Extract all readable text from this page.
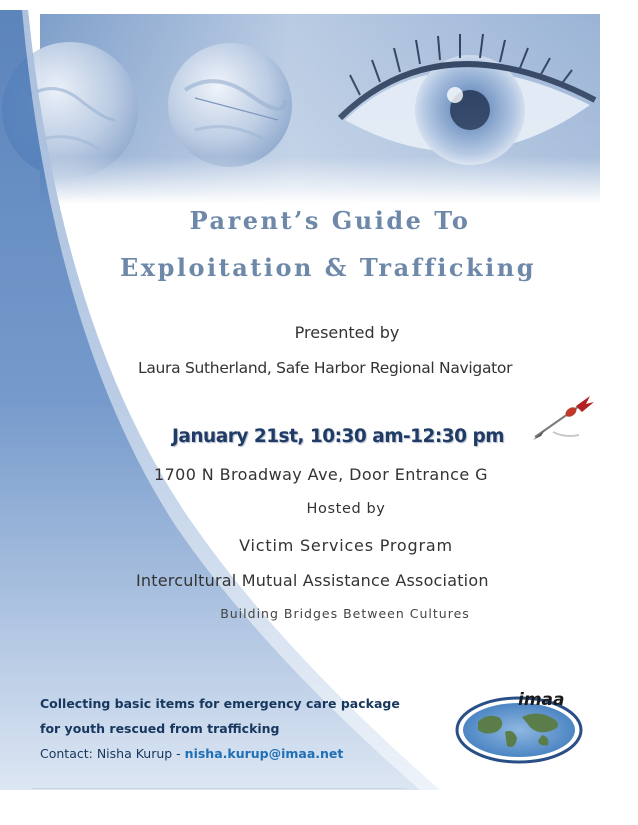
Parent’s Guide To
Exploitation & Trafficking
Presented by
Laura Sutherland, Safe Harbor Regional Navigator
January 21st, 10:30 am-12:30 pm
1700 N Broadway Ave, Door Entrance G
Hosted by
Victim Services Program
Intercultural Mutual Assistance Association
Building Bridges Between Cultures
Collecting basic items for emergency care package
for youth rescued from trafficking
Contact: Nisha Kurup - nisha.kurup@imaa.net
imaa
